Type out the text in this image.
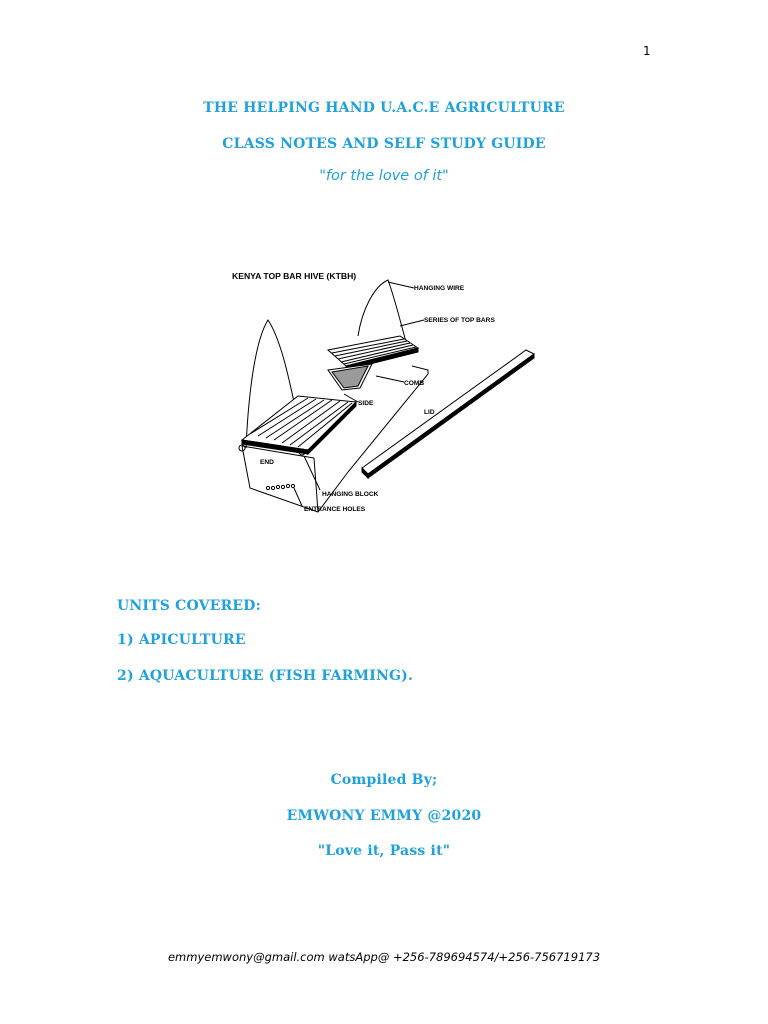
1
THE HELPING HAND U.A.C.E AGRICULTURE
CLASS NOTES AND SELF STUDY GUIDE
"for the love of it"
KENYA TOP BAR HIVE (KTBH)
HANGING WIRE
SERIES OF TOP BARS
COMB
SIDE
LID
END
HANGING BLOCK
ENTRANCE HOLES
UNITS COVERED:
1) APICULTURE
2) AQUACULTURE (FISH FARMING).
Compiled By;
EMWONY EMMY @2020
"Love it, Pass it"
emmyemwony@gmail.com watsApp@ +256-789694574/+256-756719173
